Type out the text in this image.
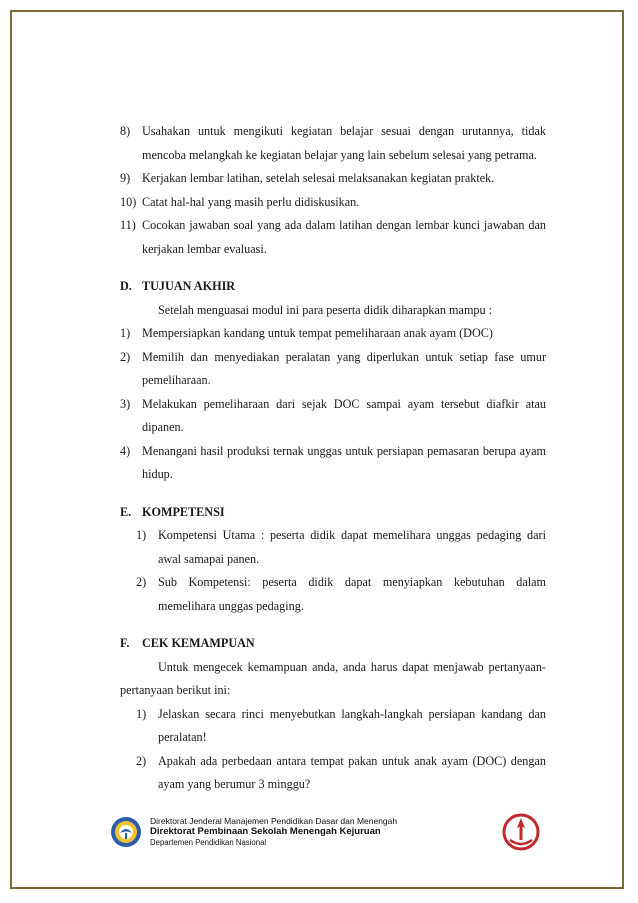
8) Usahakan untuk mengikuti kegiatan belajar sesuai dengan urutannya, tidak mencoba melangkah ke kegiatan belajar yang lain sebelum selesai yang petrama.
9) Kerjakan lembar latihan, setelah selesai melaksanakan kegiatan praktek.
10) Catat hal-hal yang masih perlu didiskusikan.
11) Cocokan jawaban soal yang ada dalam latihan dengan lembar kunci jawaban dan kerjakan lembar evaluasi.
D. TUJUAN AKHIR
Setelah menguasai modul ini para peserta didik diharapkan mampu :
1) Mempersiapkan kandang untuk tempat pemeliharaan anak ayam (DOC)
2) Memilih dan menyediakan peralatan yang diperlukan untuk setiap fase umur pemeliharaan.
3) Melakukan pemeliharaan dari sejak DOC sampai ayam tersebut diafkir atau dipanen.
4) Menangani hasil produksi ternak unggas untuk persiapan pemasaran berupa ayam hidup.
E. KOMPETENSI
1) Kompetensi Utama : peserta didik dapat memelihara unggas pedaging dari awal samapai panen.
2) Sub Kompetensi: peserta didik dapat menyiapkan kebutuhan dalam memelihara unggas pedaging.
F. CEK KEMAMPUAN
Untuk mengecek kemampuan anda, anda harus dapat menjawab pertanyaan-pertanyaan berikut ini:
1) Jelaskan secara rinci menyebutkan langkah-langkah persiapan kandang dan peralatan!
2) Apakah ada perbedaan antara tempat pakan untuk anak ayam (DOC) dengan ayam yang berumur 3 minggu?
Direktorat Jenderal Manajemen Pendidikan Dasar dan Menengah
Direktorat Pembinaan Sekolah Menengah Kejuruan
Departemen Pendidikan Nasional
